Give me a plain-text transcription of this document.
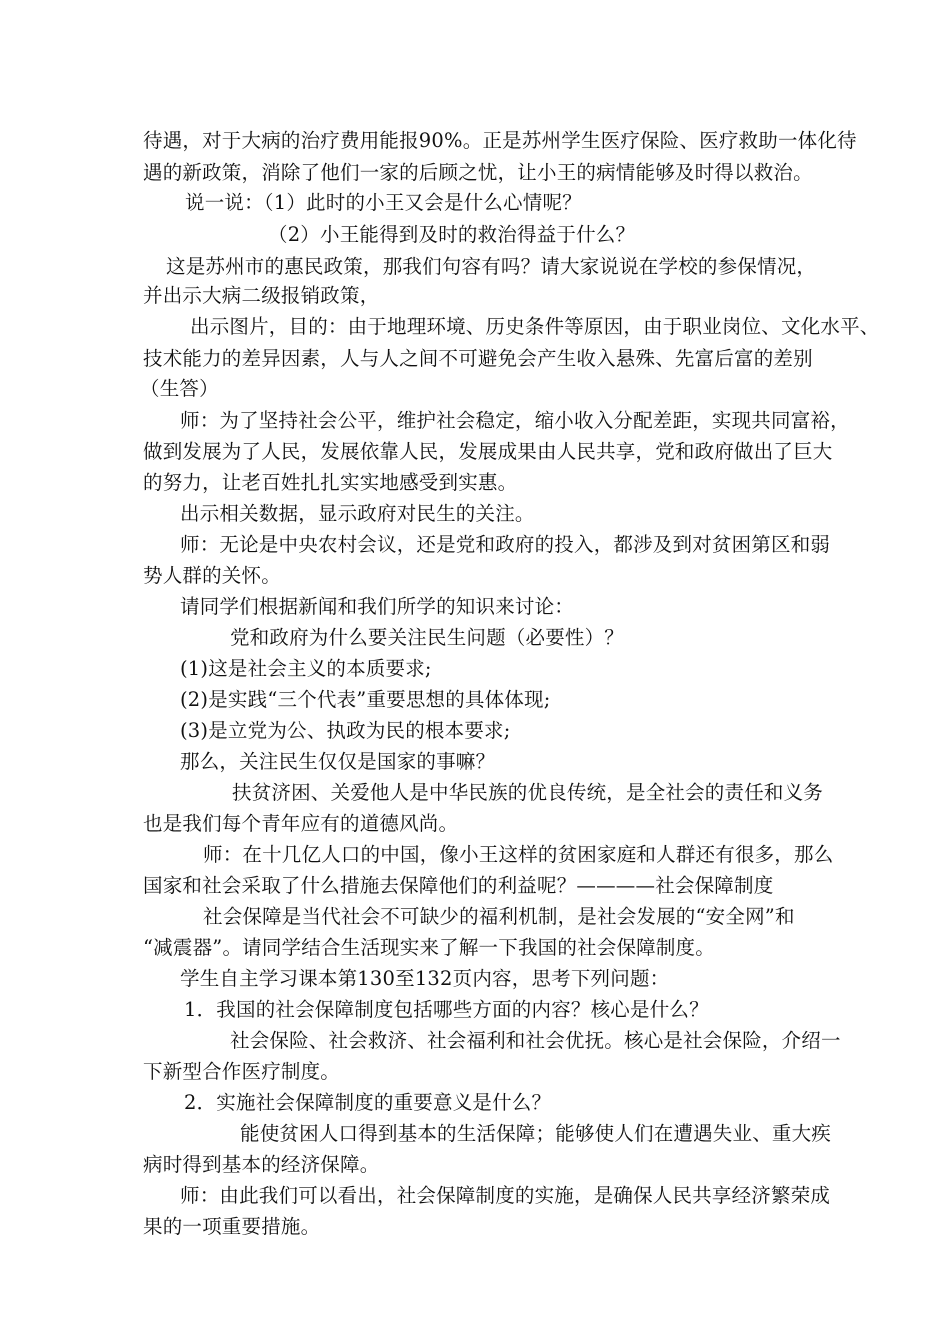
待遇，对于大病的治疗费用能报90%。正是苏州学生医疗保险、医疗救助一体化待
遇的新政策，消除了他们一家的后顾之忧，让小王的病情能够及时得以救治。
说一说：（1）此时的小王又会是什么心情呢？
（2）小王能得到及时的救治得益于什么？
这是苏州市的惠民政策，那我们句容有吗？请大家说说在学校的参保情况，
并出示大病二级报销政策，
出示图片，目的：由于地理环境、历史条件等原因，由于职业岗位、文化水平、
技术能力的差异因素，人与人之间不可避免会产生收入悬殊、先富后富的差别
（生答）
师：为了坚持社会公平，维护社会稳定，缩小收入分配差距，实现共同富裕，
做到发展为了人民，发展依靠人民，发展成果由人民共享，党和政府做出了巨大
的努力，让老百姓扎扎实实地感受到实惠。
出示相关数据，显示政府对民生的关注。
师：无论是中央农村会议，还是党和政府的投入，都涉及到对贫困第区和弱
势人群的关怀。
请同学们根据新闻和我们所学的知识来讨论：
党和政府为什么要关注民生问题（必要性）？
(1)这是社会主义的本质要求;
(2)是实践“三个代表”重要思想的具体体现;
(3)是立党为公、执政为民的根本要求;
那么，关注民生仅仅是国家的事嘛？
扶贫济困、关爱他人是中华民族的优良传统，是全社会的责任和义务
也是我们每个青年应有的道德风尚。
师：在十几亿人口的中国，像小王这样的贫困家庭和人群还有很多，那么
国家和社会采取了什么措施去保障他们的利益呢？————社会保障制度
社会保障是当代社会不可缺少的福利机制，是社会发展的“安全网”和
“减震器”。请同学结合生活现实来了解一下我国的社会保障制度。
学生自主学习课本第130至132页内容，思考下列问题：
1．我国的社会保障制度包括哪些方面的内容？核心是什么？
社会保险、社会救济、社会福利和社会优抚。核心是社会保险，介绍一
下新型合作医疗制度。
2．实施社会保障制度的重要意义是什么？
能使贫困人口得到基本的生活保障；能够使人们在遭遇失业、重大疾
病时得到基本的经济保障。
师：由此我们可以看出，社会保障制度的实施，是确保人民共享经济繁荣成
果的一项重要措施。
